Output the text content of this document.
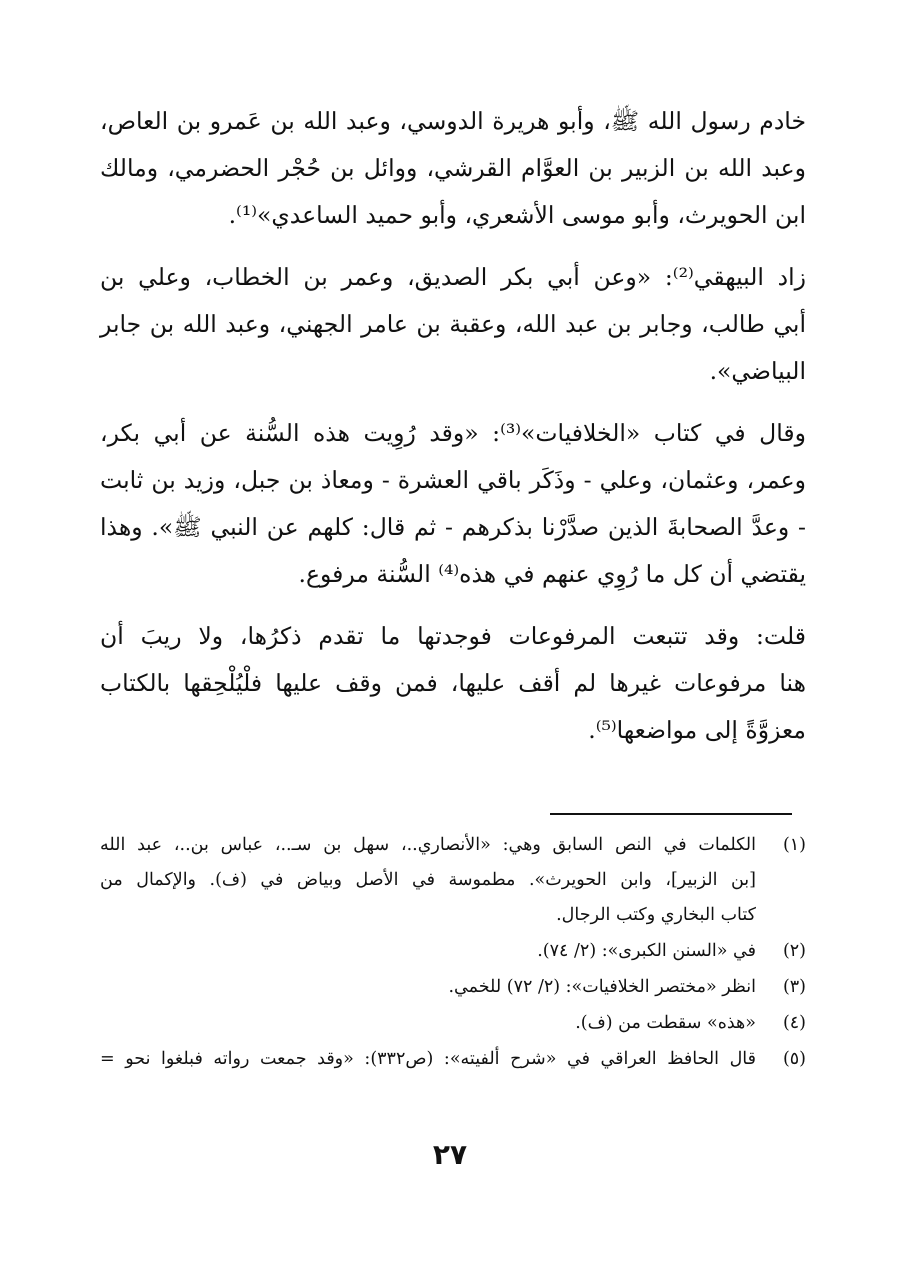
خادم رسول الله ﷺ، وأبو هريرة الدوسي، وعبد الله بن عَمرو بن العاص،
وعبد الله بن الزبير بن العوَّام القرشي، ووائل بن حُجْر الحضرمي، ومالك
ابن الحويرث، وأبو موسى الأشعري، وأبو حميد الساعدي»⁽¹⁾.

زاد البيهقي⁽²⁾: «وعن أبي بكر الصديق، وعمر بن الخطاب، وعلي بن
أبي طالب، وجابر بن عبد الله، وعقبة بن عامر الجهني، وعبد الله بن جابر
البياضي».

وقال في كتاب «الخلافيات»⁽³⁾: «وقد رُوِيت هذه السُّنة عن أبي بكر،
وعمر، وعثمان، وعلي - وذَكَر باقي العشرة - ومعاذ بن جبل، وزيد بن ثابت
- وعدَّ الصحابةَ الذين صدَّرْنا بذكرهم - ثم قال: كلهم عن النبي ﷺ». وهذا
يقتضي أن كل ما رُوِي عنهم في هذه⁽⁴⁾ السُّنة مرفوع.

قلت: وقد تتبعت المرفوعات فوجدتها ما تقدم ذكرُها، ولا ريبَ أن
هنا مرفوعات غيرها لم أقف عليها، فمن وقف عليها فلْيُلْحِقها بالكتاب
معزوَّةً إلى مواضعها⁽⁵⁾.

(١)
الكلمات في النص السابق وهي: «الأنصاري..، سهل بن سـ..، عباس بن..، عبد الله
[بن الزبير]، وابن الحويرث». مطموسة في الأصل وبياض في (ف). والإكمال من
كتاب البخاري وكتب الرجال.
(٢)
في «السنن الكبرى»: (٢/ ٧٤).
(٣)
انظر «مختصر الخلافيات»: (٢/ ٧٢) للخمي.
(٤)
«هذه» سقطت من (ف).
(٥)
قال الحافظ العراقي في «شرح ألفيته»: (ص٣٣٢): «وقد جمعت رواته فبلغوا نحو =
٢٧
